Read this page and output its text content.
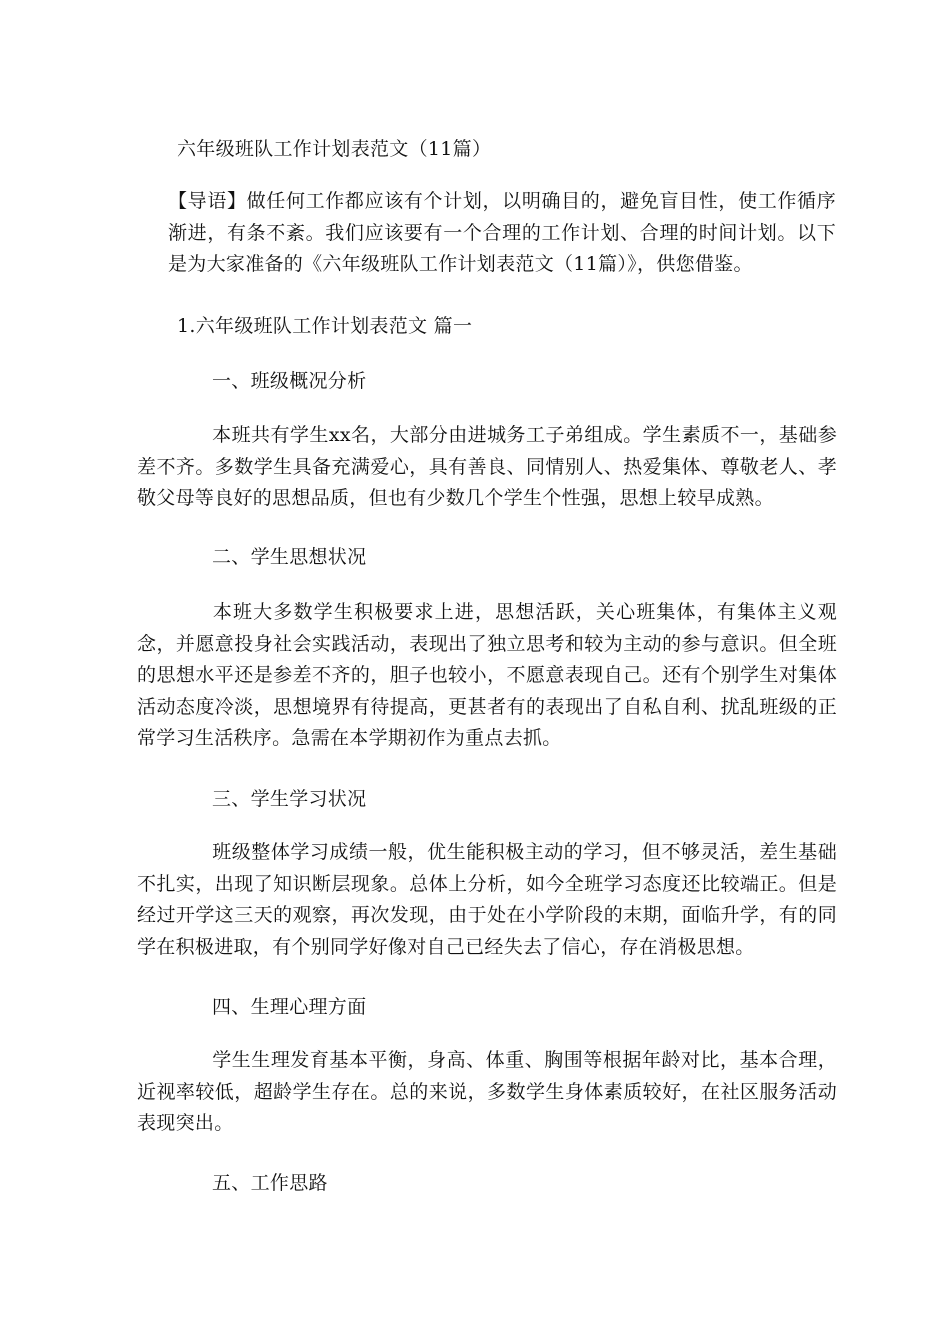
六年级班队工作计划表范文（11篇）
【导语】做任何工作都应该有个计划，以明确目的，避免盲目性，使工作循序渐进，有条不紊。我们应该要有一个合理的工作计划、合理的时间计划。以下是为大家准备的《六年级班队工作计划表范文（11篇）》，供您借鉴。
1.六年级班队工作计划表范文 篇一
一、班级概况分析
本班共有学生xx名，大部分由进城务工子弟组成。学生素质不一，基础参差不齐。多数学生具备充满爱心，具有善良、同情别人、热爱集体、尊敬老人、孝敬父母等良好的思想品质，但也有少数几个学生个性强，思想上较早成熟。
二、学生思想状况
本班大多数学生积极要求上进，思想活跃，关心班集体，有集体主义观念，并愿意投身社会实践活动，表现出了独立思考和较为主动的参与意识。但全班的思想水平还是参差不齐的，胆子也较小，不愿意表现自己。还有个别学生对集体活动态度冷淡，思想境界有待提高，更甚者有的表现出了自私自利、扰乱班级的正常学习生活秩序。急需在本学期初作为重点去抓。
三、学生学习状况
班级整体学习成绩一般，优生能积极主动的学习，但不够灵活，差生基础不扎实，出现了知识断层现象。总体上分析，如今全班学习态度还比较端正。但是经过开学这三天的观察，再次发现，由于处在小学阶段的末期，面临升学，有的同学在积极进取，有个别同学好像对自己已经失去了信心，存在消极思想。
四、生理心理方面
学生生理发育基本平衡，身高、体重、胸围等根据年龄对比，基本合理，近视率较低，超龄学生存在。总的来说，多数学生身体素质较好，在社区服务活动表现突出。
五、工作思路
